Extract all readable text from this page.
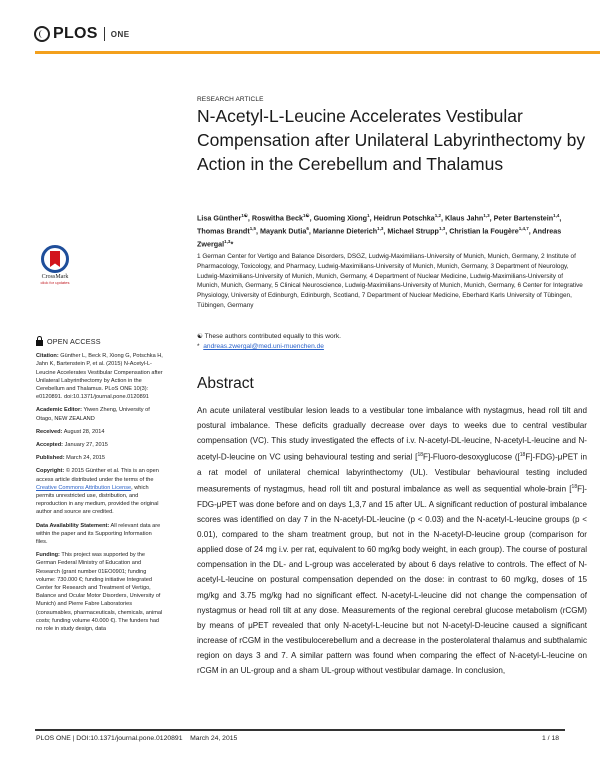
PLOS ONE
CrossMark
click for updates
OPEN ACCESS
Citation: Günther L, Beck R, Xiong G, Potschka H, Jahn K, Bartenstein P, et al. (2015) N-Acetyl-L-Leucine Accelerates Vestibular Compensation after Unilateral Labyrinthectomy by Action in the Cerebellum and Thalamus. PLoS ONE 10(3): e0120891. doi:10.1371/journal.pone.0120891
Academic Editor: Yiwen Zheng, University of Otago, NEW ZEALAND
Received: August 28, 2014
Accepted: January 27, 2015
Published: March 24, 2015
Copyright: © 2015 Günther et al. This is an open access article distributed under the terms of the Creative Commons Attribution License, which permits unrestricted use, distribution, and reproduction in any medium, provided the original author and source are credited.
Data Availability Statement: All relevant data are within the paper and its Supporting Information files.
Funding: This project was supported by the German Federal Ministry of Education and Research (grant number 01EO0901; funding volume: 730.000 €; funding initiative Integrated Center for Research and Treatment of Vertigo, Balance and Ocular Motor Disorders, University of Munich) and Pierre Fabre Laboratories (consumables, pharmaceuticals, chemicals, animal costs; funding volume 40.000 €). The funders had no role in study design, data
RESEARCH ARTICLE
N-Acetyl-L-Leucine Accelerates Vestibular Compensation after Unilateral Labyrinthectomy by Action in the Cerebellum and Thalamus
Lisa Günther$^{1☯}$, Roswitha Beck$^{1☯}$, Guoming Xiong$^1$, Heidrun Potschka$^{1,2}$, Klaus Jahn$^{1,3}$, Peter Bartenstein$^{1,4}$, Thomas Brandt$^{1,5}$, Mayank Dutia$^6$, Marianne Dieterich$^{1,3}$, Michael Strupp$^{1,3}$, Christian la Fougère$^{1,4,7}$, Andreas Zwergal$^{1,3}$*
1 German Center for Vertigo and Balance Disorders, DSGZ, Ludwig-Maximilians-University of Munich, Munich, Germany, 2 Institute of Pharmacology, Toxicology, and Pharmacy, Ludwig-Maximilians-University of Munich, Munich, Germany, 3 Department of Neurology, Ludwig-Maximilians-University of Munich, Munich, Germany, 4 Department of Nuclear Medicine, Ludwig-Maximilians-University of Munich, Munich, Germany, 5 Clinical Neuroscience, Ludwig-Maximilians-University of Munich, Munich, Germany, 6 Center for Integrative Physiology, University of Edinburgh, Edinburgh, Scotland, 7 Department of Nuclear Medicine, Eberhard Karls University of Tübingen, Tübingen, Germany
☯ These authors contributed equally to this work.
* andreas.zwergal@med.uni-muenchen.de
Abstract
An acute unilateral vestibular lesion leads to a vestibular tone imbalance with nystagmus, head roll tilt and postural imbalance. These deficits gradually decrease over days to weeks due to central vestibular compensation (VC). This study investigated the effects of i.v. N-acetyl-DL-leucine, N-acetyl-L-leucine and N-acetyl-D-leucine on VC using behavioural testing and serial [$^{18}$F]-Fluoro-desoxyglucose ([$^{18}$F]-FDG)-μPET in a rat model of unilateral chemical labyrinthectomy (UL). Vestibular behavioural testing included measurements of nystagmus, head roll tilt and postural imbalance as well as sequential whole-brain [$^{18}$F]-FDG-μPET was done before and on days 1,3,7 and 15 after UL. A significant reduction of postural imbalance scores was identified on day 7 in the N-acetyl-DL-leucine (p < 0.03) and the N-acetyl-L-leucine groups (p < 0.01), compared to the sham treatment group, but not in the N-acetyl-D-leucine group (comparison for applied dose of 24 mg i.v. per rat, equivalent to 60 mg/kg body weight, in each group). The course of postural compensation in the DL- and L-group was accelerated by about 6 days relative to controls. The effect of N-acetyl-L-leucine on postural compensation depended on the dose: in contrast to 60 mg/kg, doses of 15 mg/kg and 3.75 mg/kg had no significant effect. N-acetyl-L-leucine did not change the compensation of nystagmus or head roll tilt at any dose. Measurements of the regional cerebral glucose metabolism (rCGM) by means of μPET revealed that only N-acetyl-L-leucine but not N-acetyl-D-leucine caused a significant increase of rCGM in the vestibulocerebellum and a decrease in the posterolateral thalamus and subthalamic region on days 3 and 7. A similar pattern was found when comparing the effect of N-acetyl-L-leucine on rCGM in an UL-group and a sham UL-group without vestibular damage. In conclusion,
PLOS ONE | DOI:10.1371/journal.pone.0120891 March 24, 2015	1 / 18
